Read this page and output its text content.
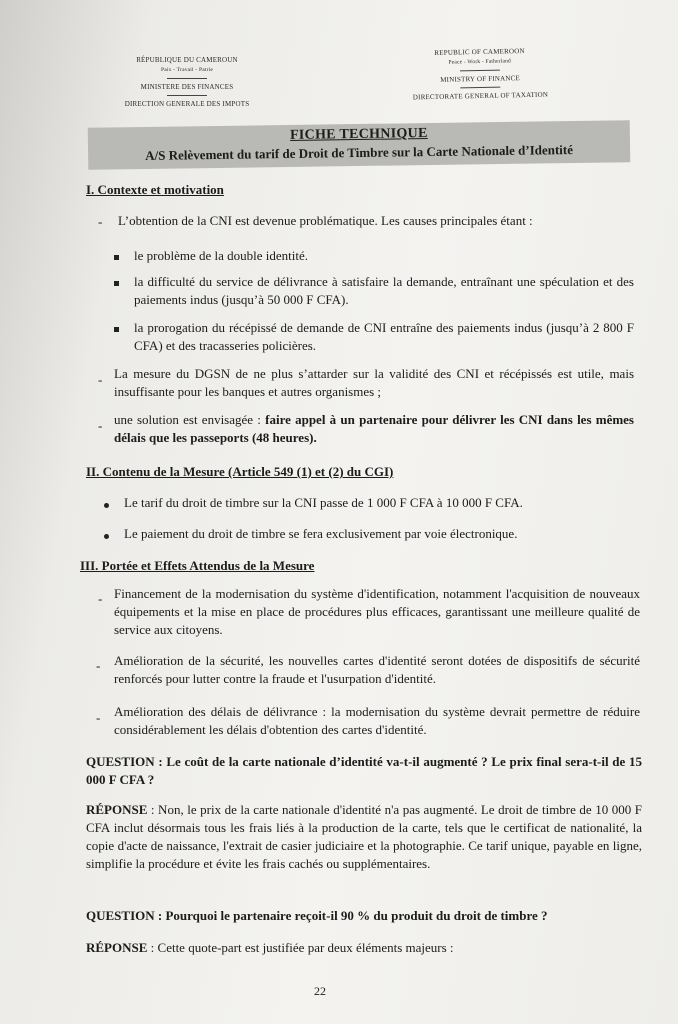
RÉPUBLIQUE DU CAMEROUN
Paix - Travail - Patrie
MINISTERE DES FINANCES
DIRECTION GENERALE DES IMPOTS
REPUBLIC OF CAMEROON
Peace - Work - Fatherland
MINISTRY OF FINANCE
DIRECTORATE GENERAL OF TAXATION
FICHE TECHNIQUE
A/S Relèvement du tarif de Droit de Timbre sur la Carte Nationale d’Identité
I. Contexte et motivation
- L’obtention de la CNI est devenue problématique. Les causes principales étant :
le problème de la double identité.
la difficulté du service de délivrance à satisfaire la demande, entraînant une spéculation et des paiements indus (jusqu’à 50 000 F CFA).
la prorogation du récépissé de demande de CNI entraîne des paiements indus (jusqu’à 2 800 F CFA) et des tracasseries policières.
- La mesure du DGSN de ne plus s’attarder sur la validité des CNI et récépissés est utile, mais insuffisante pour les banques et autres organismes ;
- une solution est envisagée : faire appel à un partenaire pour délivrer les CNI dans les mêmes délais que les passeports (48 heures).
II. Contenu de la Mesure (Article 549 (1) et (2) du CGI)
Le tarif du droit de timbre sur la CNI passe de 1 000 F CFA à 10 000 F CFA.
Le paiement du droit de timbre se fera exclusivement par voie électronique.
III. Portée et Effets Attendus de la Mesure
- Financement de la modernisation du système d'identification, notamment l'acquisition de nouveaux équipements et la mise en place de procédures plus efficaces, garantissant une meilleure qualité de service aux citoyens.
- Amélioration de la sécurité, les nouvelles cartes d'identité seront dotées de dispositifs de sécurité renforcés pour lutter contre la fraude et l'usurpation d'identité.
- Amélioration des délais de délivrance : la modernisation du système devrait permettre de réduire considérablement les délais d'obtention des cartes d'identité.
QUESTION : Le coût de la carte nationale d’identité va-t-il augmenté ? Le prix final sera-t-il de 15 000 F CFA ?
RÉPONSE : Non, le prix de la carte nationale d'identité n'a pas augmenté. Le droit de timbre de 10 000 F CFA inclut désormais tous les frais liés à la production de la carte, tels que le certificat de nationalité, la copie d'acte de naissance, l'extrait de casier judiciaire et la photographie. Ce tarif unique, payable en ligne, simplifie la procédure et évite les frais cachés ou supplémentaires.
QUESTION : Pourquoi le partenaire reçoit-il 90 % du produit du droit de timbre ?
RÉPONSE : Cette quote-part est justifiée par deux éléments majeurs :
22
